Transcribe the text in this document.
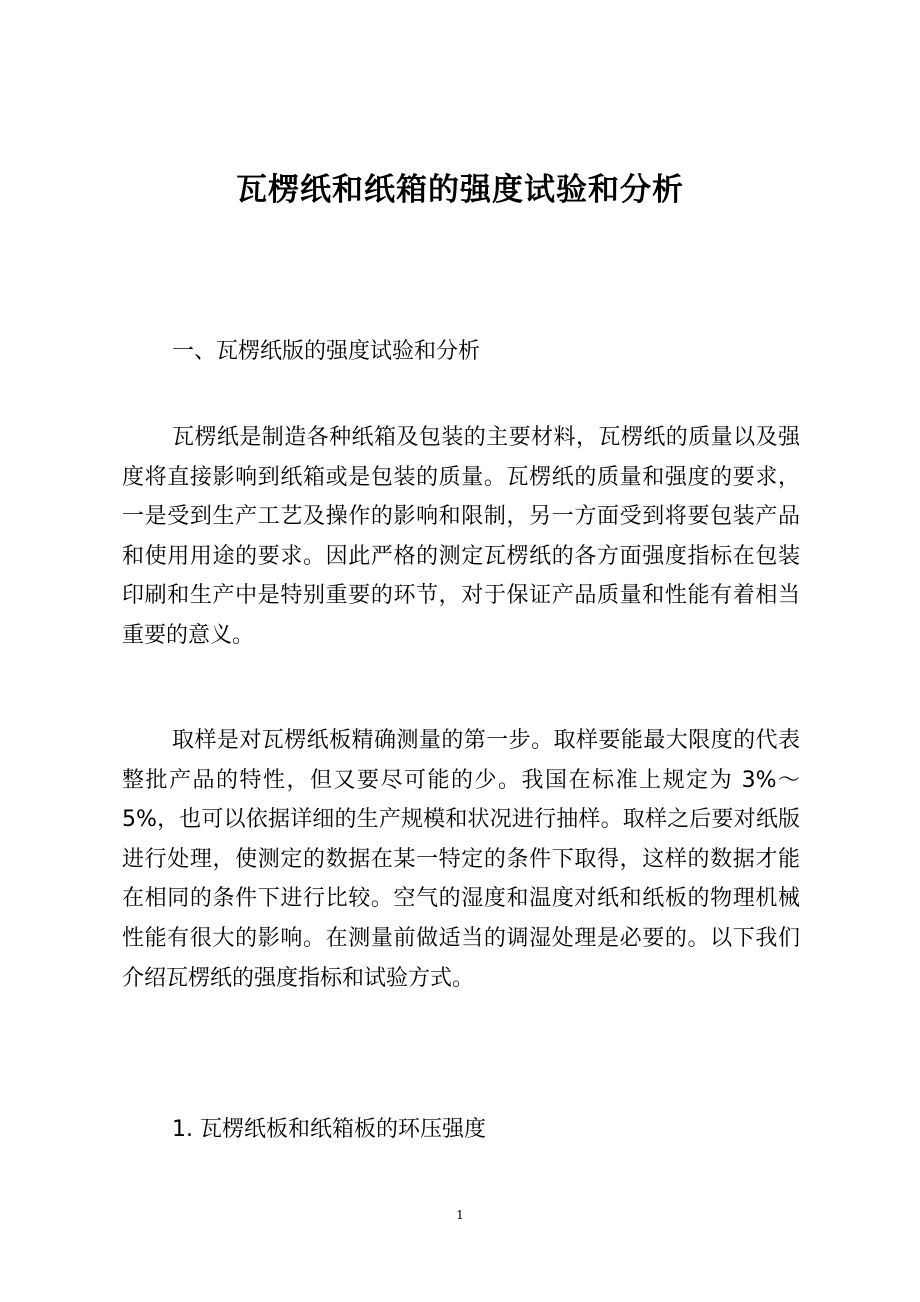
瓦楞纸和纸箱的强度试验和分析
一、瓦楞纸版的强度试验和分析
瓦楞纸是制造各种纸箱及包装的主要材料，瓦楞纸的质量以及强度将直接影响到纸箱或是包装的质量。瓦楞纸的质量和强度的要求，一是受到生产工艺及操作的影响和限制，另一方面受到将要包装产品和使用用途的要求。因此严格的测定瓦楞纸的各方面强度指标在包装印刷和生产中是特别重要的环节，对于保证产品质量和性能有着相当重要的意义。
取样是对瓦楞纸板精确测量的第一步。取样要能最大限度的代表整批产品的特性，但又要尽可能的少。我国在标准上规定为 3%～5%，也可以依据详细的生产规模和状况进行抽样。取样之后要对纸版进行处理，使测定的数据在某一特定的条件下取得，这样的数据才能在相同的条件下进行比较。空气的湿度和温度对纸和纸板的物理机械性能有很大的影响。在测量前做适当的调湿处理是必要的。以下我们介绍瓦楞纸的强度指标和试验方式。
1. 瓦楞纸板和纸箱板的环压强度
1
